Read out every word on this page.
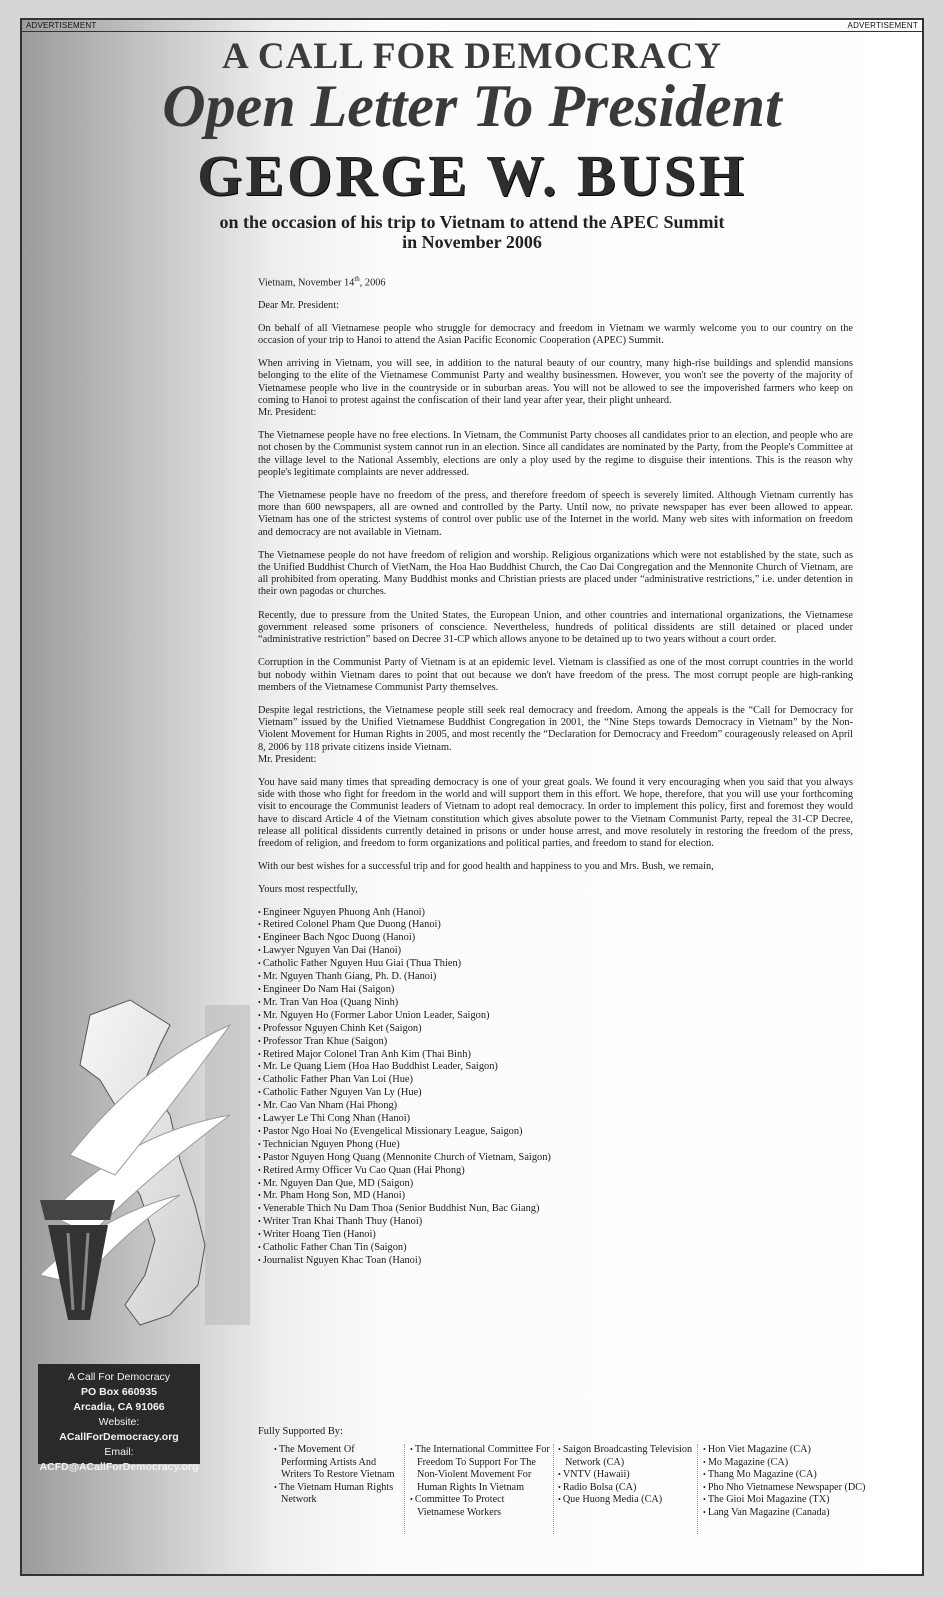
ADVERTISEMENT	ADVERTISEMENT
A CALL FOR DEMOCRACY
Open Letter To President
GEORGE W. BUSH
on the occasion of his trip to Vietnam to attend the APEC Summit
in November 2006

Vietnam, November 14th, 2006

Dear Mr. President:

On behalf of all Vietnamese people who struggle for democracy and freedom in Vietnam we warmly welcome you to our country on the occasion of your trip to Hanoi to attend the Asian Pacific Economic Cooperation (APEC) Summit.

When arriving in Vietnam, you will see, in addition to the natural beauty of our country, many high-rise buildings and splendid mansions belonging to the elite of the Vietnamese Communist Party and wealthy businessmen. However, you won't see the poverty of the majority of Vietnamese people who live in the countryside or in suburban areas. You will not be allowed to see the impoverished farmers who keep on coming to Hanoi to protest against the confiscation of their land year after year, their plight unheard.

Mr. President:

The Vietnamese people have no free elections. In Vietnam, the Communist Party chooses all candidates prior to an election, and people who are not chosen by the Communist system cannot run in an election. Since all candidates are nominated by the Party, from the People's Committee at the village level to the National Assembly, elections are only a ploy used by the regime to disguise their intentions. This is the reason why people's legitimate complaints are never addressed.

The Vietnamese people have no freedom of the press, and therefore freedom of speech is severely limited. Although Vietnam currently has more than 600 newspapers, all are owned and controlled by the Party. Until now, no private newspaper has ever been allowed to appear. Vietnam has one of the strictest systems of control over public use of the Internet in the world. Many web sites with information on freedom and democracy are not available in Vietnam.

The Vietnamese people do not have freedom of religion and worship. Religious organizations which were not established by the state, such as the Unified Buddhist Church of VietNam, the Hoa Hao Buddhist Church, the Cao Dai Congregation and the Mennonite Church of Vietnam, are all prohibited from operating. Many Buddhist monks and Christian priests are placed under “administrative restrictions,” i.e. under detention in their own pagodas or churches.

Recently, due to pressure from the United States, the European Union, and other countries and international organizations, the Vietnamese government released some prisoners of conscience. Nevertheless, hundreds of political dissidents are still detained or placed under “administrative restriction” based on Decree 31-CP which allows anyone to be detained up to two years without a court order.

Corruption in the Communist Party of Vietnam is at an epidemic level. Vietnam is classified as one of the most corrupt countries in the world but nobody within Vietnam dares to point that out because we don't have freedom of the press. The most corrupt people are high-ranking members of the Vietnamese Communist Party themselves.

Despite legal restrictions, the Vietnamese people still seek real democracy and freedom. Among the appeals is the “Call for Democracy for Vietnam” issued by the Unified Vietnamese Buddhist Congregation in 2001, the “Nine Steps towards Democracy in Vietnam” by the Non-Violent Movement for Human Rights in 2005, and most recently the “Declaration for Democracy and Freedom” courageously released on April 8, 2006 by 118 private citizens inside Vietnam.

Mr. President:

You have said many times that spreading democracy is one of your great goals. We found it very encouraging when you said that you always side with those who fight for freedom in the world and will support them in this effort. We hope, therefore, that you will use your forthcoming visit to encourage the Communist leaders of Vietnam to adopt real democracy. In order to implement this policy, first and foremost they would have to discard Article 4 of the Vietnam constitution which gives absolute power to the Vietnam Communist Party, repeal the 31-CP Decree, release all political dissidents currently detained in prisons or under house arrest, and move resolutely in restoring the freedom of the press, freedom of religion, and freedom to form organizations and political parties, and freedom to stand for election.

With our best wishes for a successful trip and for good health and happiness to you and Mrs. Bush, we remain,

Yours most respectfully,

• Engineer Nguyen Phuong Anh (Hanoi)
• Retired Colonel Pham Que Duong (Hanoi)
• Engineer Bach Ngoc Duong (Hanoi)
• Lawyer Nguyen Van Dai (Hanoi)
• Catholic Father Nguyen Huu Giai (Thua Thien)
• Mr. Nguyen Thanh Giang, Ph. D. (Hanoi)
• Engineer Do Nam Hai (Saigon)
• Mr. Tran Van Hoa (Quang Ninh)
• Mr. Nguyen Ho (Former Labor Union Leader, Saigon)
• Professor Nguyen Chinh Ket (Saigon)
• Professor Tran Khue (Saigon)
• Retired Major Colonel Tran Anh Kim (Thai Binh)
• Mr. Le Quang Liem (Hoa Hao Buddhist Leader, Saigon)
• Catholic Father Phan Van Loi (Hue)
• Catholic Father Nguyen Van Ly (Hue)
• Mr. Cao Van Nham (Hai Phong)
• Lawyer Le Thi Cong Nhan (Hanoi)
• Pastor Ngo Hoai No (Evengelical Missionary League, Saigon)
• Technician Nguyen Phong (Hue)
• Pastor Nguyen Hong Quang (Mennonite Church of Vietnam, Saigon)
• Retired Army Officer Vu Cao Quan (Hai Phong)
• Mr. Nguyen Dan Que, MD (Saigon)
• Mr. Pham Hong Son, MD (Hanoi)
• Venerable Thich Nu Dam Thoa (Senior Buddhist Nun, Bac Giang)
• Writer Tran Khai Thanh Thuy (Hanoi)
• Writer Hoang Tien (Hanoi)
• Catholic Father Chan Tin (Saigon)
• Journalist Nguyen Khac Toan (Hanoi)
Fully Supported By:
• The Movement Of Performing Artists And Writers To Restore Vietnam
• The Vietnam Human Rights Network
• The International Committee For Freedom To Support For The Non-Violent Movement For Human Rights In Vietnam
• Committee To Protect Vietnamese Workers
• Saigon Broadcasting Television Network (CA)
• VNTV (Hawaii)
• Radio Bolsa (CA)
• Que Huong Media (CA)
• Hon Viet Magazine (CA)
• Mo Magazine (CA)
• Thang Mo Magazine (CA)
• Pho Nho Vietnamese Newspaper (DC)
• The Gioi Moi Magazine (TX)
• Lang Van Magazine (Canada)
A Call For Democracy
PO Box 660935
Arcadia, CA 91066
Website:
ACallForDemocracy.org
Email:
ACFD@ACallForDemocracy.org
